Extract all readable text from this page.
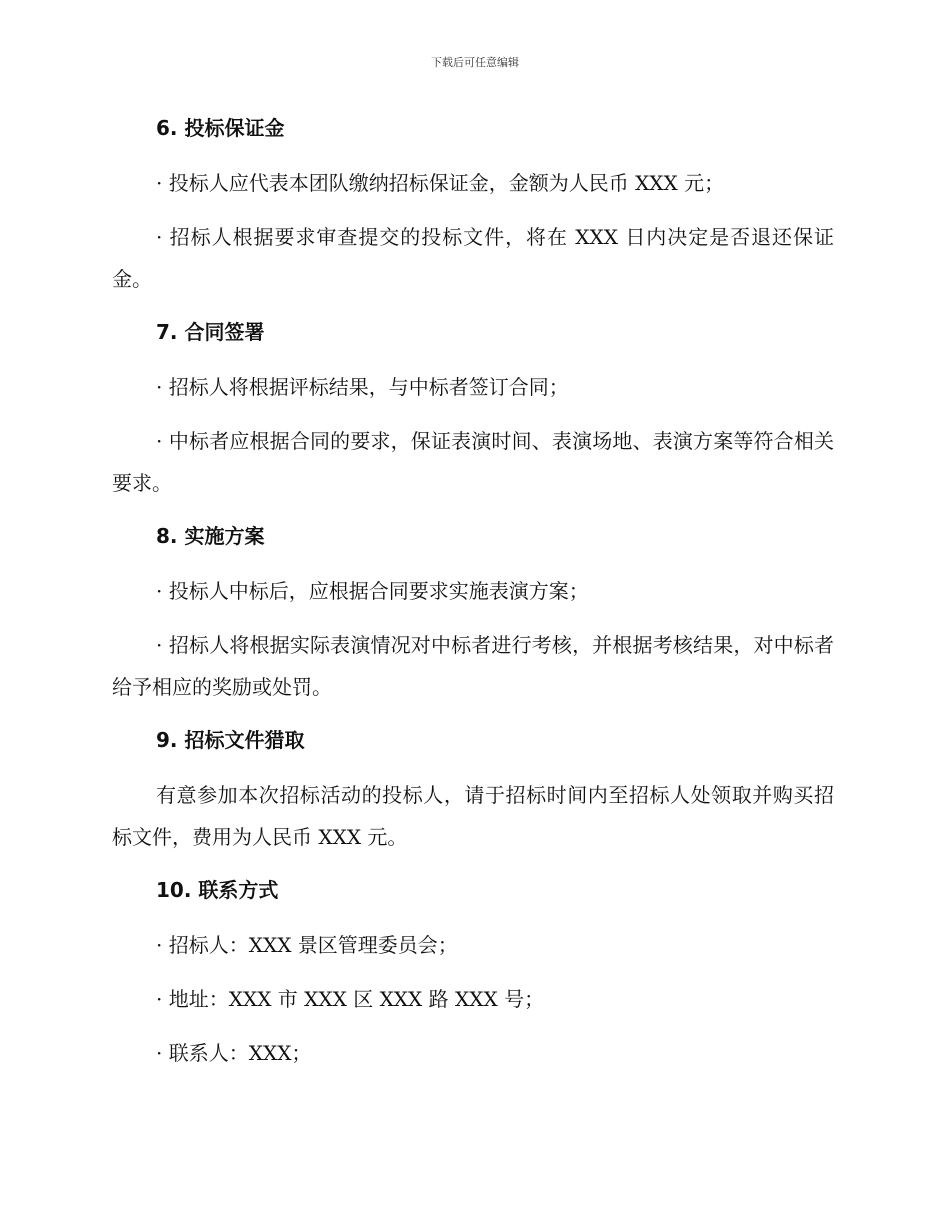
下载后可任意编辑
6. 投标保证金

· 投标人应代表本团队缴纳招标保证金，金额为人民币 XXX 元；

· 招标人根据要求审查提交的投标文件，将在 XXX 日内决定是否退还保证金。

7. 合同签署

· 招标人将根据评标结果，与中标者签订合同；

· 中标者应根据合同的要求，保证表演时间、表演场地、表演方案等符合相关要求。

8. 实施方案

· 投标人中标后，应根据合同要求实施表演方案；

· 招标人将根据实际表演情况对中标者进行考核，并根据考核结果，对中标者给予相应的奖励或处罚。

9. 招标文件猎取

有意参加本次招标活动的投标人，请于招标时间内至招标人处领取并购买招标文件，费用为人民币 XXX 元。

10. 联系方式

· 招标人：XXX 景区管理委员会；

· 地址：XXX 市 XXX 区 XXX 路 XXX 号；

· 联系人：XXX；
